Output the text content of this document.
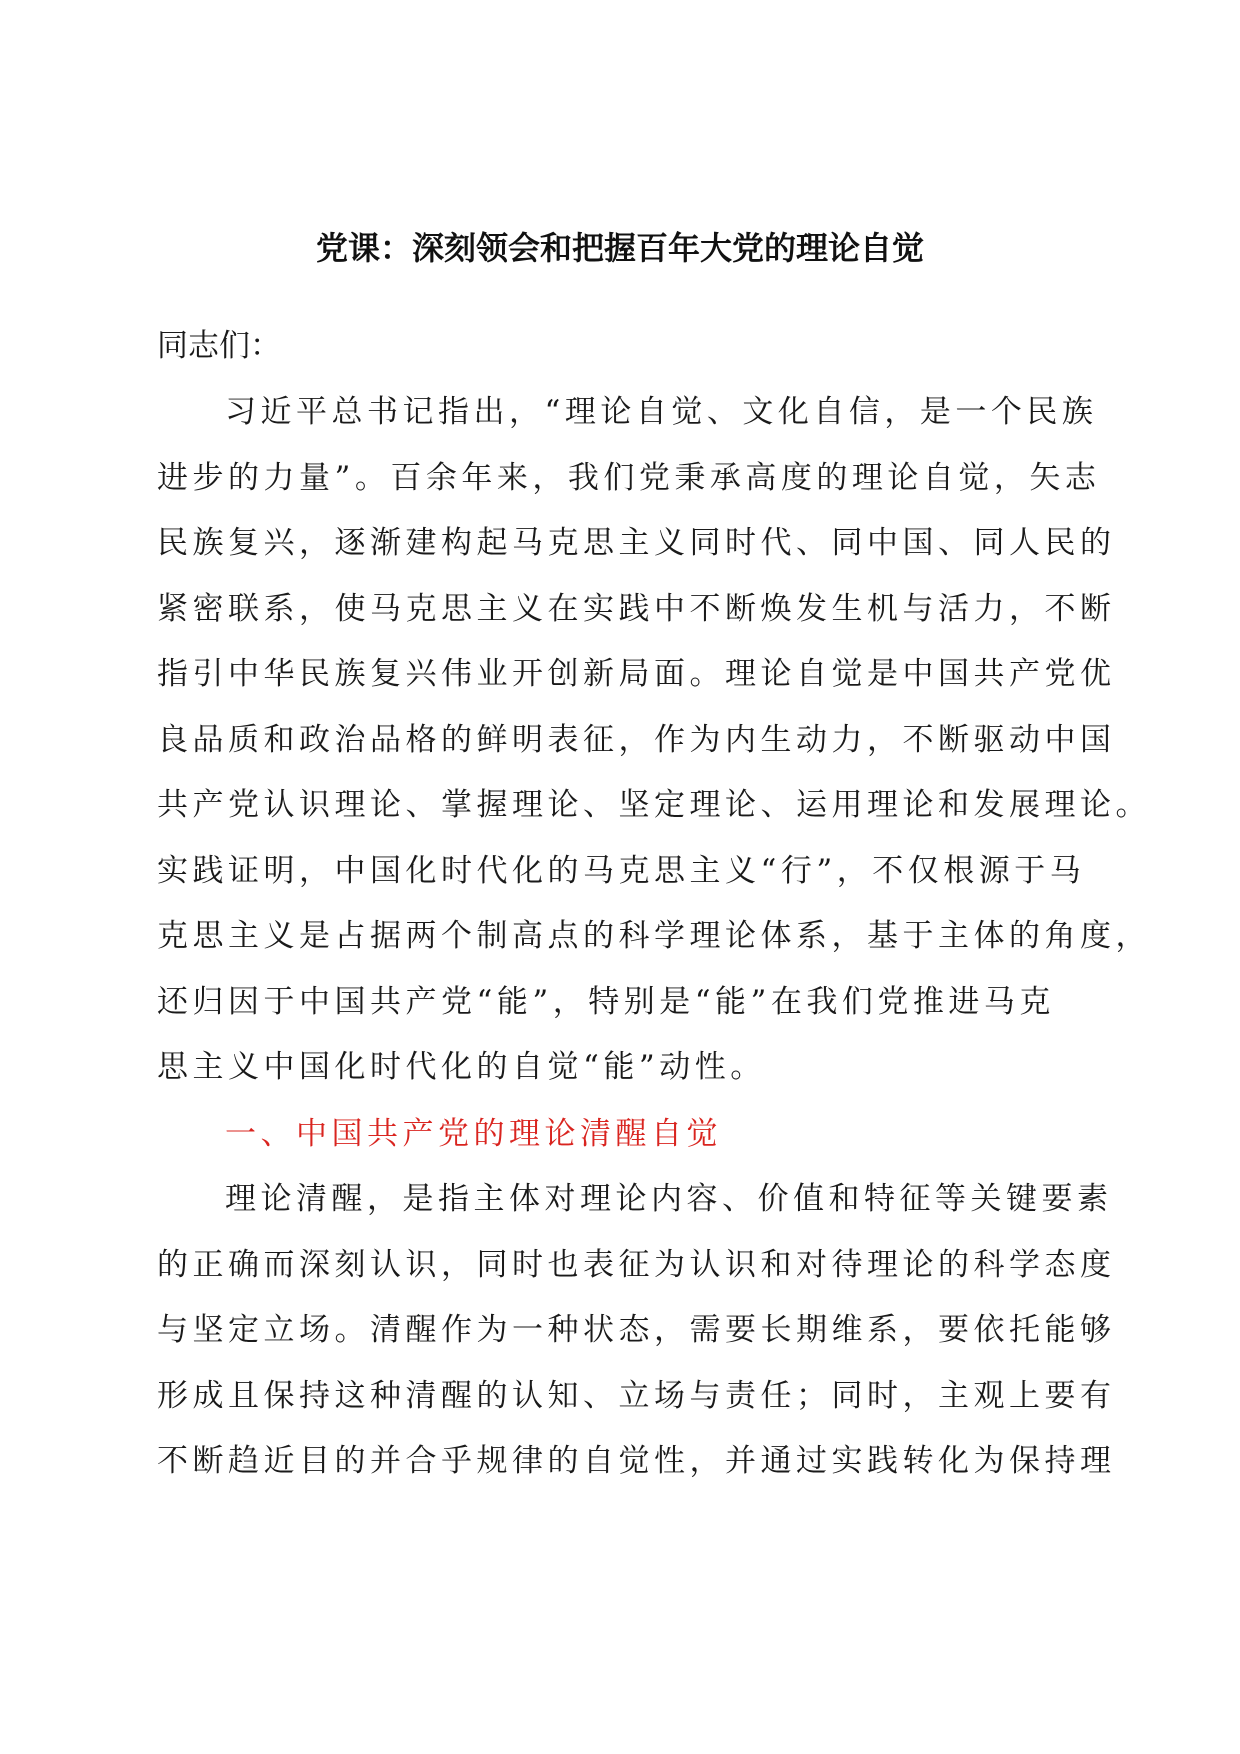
党课：深刻领会和把握百年大党的理论自觉

同志们：

习近平总书记指出，“理论自觉、文化自信，是一个民族
进步的力量”。百余年来，我们党秉承高度的理论自觉，矢志
民族复兴，逐渐建构起马克思主义同时代、同中国、同人民的
紧密联系，使马克思主义在实践中不断焕发生机与活力，不断
指引中华民族复兴伟业开创新局面。理论自觉是中国共产党优
良品质和政治品格的鲜明表征，作为内生动力，不断驱动中国
共产党认识理论、掌握理论、坚定理论、运用理论和发展理论。
实践证明，中国化时代化的马克思主义“行”，不仅根源于马
克思主义是占据两个制高点的科学理论体系，基于主体的角度，
还归因于中国共产党“能”，特别是“能”在我们党推进马克
思主义中国化时代化的自觉“能”动性。
一、中国共产党的理论清醒自觉
理论清醒，是指主体对理论内容、价值和特征等关键要素
的正确而深刻认识，同时也表征为认识和对待理论的科学态度
与坚定立场。清醒作为一种状态，需要长期维系，要依托能够
形成且保持这种清醒的认知、立场与责任；同时，主观上要有
不断趋近目的并合乎规律的自觉性，并通过实践转化为保持理
